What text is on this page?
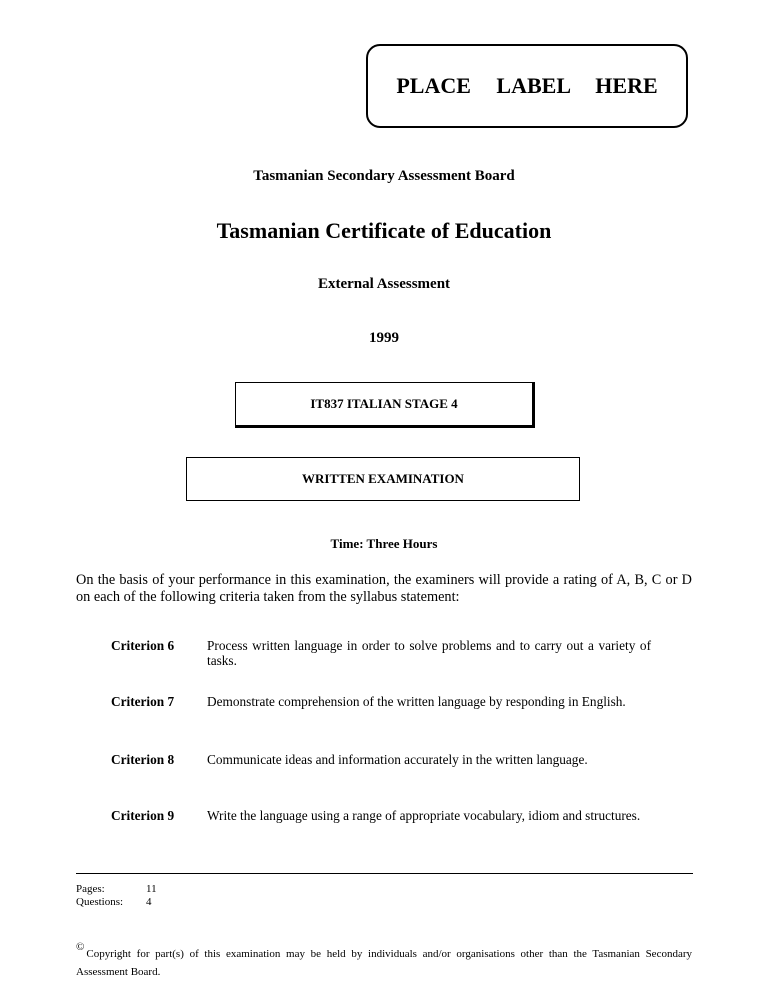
PLACE LABEL HERE
Tasmanian Secondary Assessment Board
Tasmanian Certificate of Education
External Assessment
1999
IT837 ITALIAN STAGE 4
WRITTEN EXAMINATION
Time: Three Hours
On the basis of your performance in this examination, the examiners will provide a rating of A, B, C or D on each of the following criteria taken from the syllabus statement:
Criterion 6	Process written language in order to solve problems and to carry out a variety of tasks.
Criterion 7	Demonstrate comprehension of the written language by responding in English.
Criterion 8	Communicate ideas and information accurately in the written language.
Criterion 9	Write the language using a range of appropriate vocabulary, idiom and structures.
Pages:	11
Questions: 4
©Copyright for part(s) of this examination may be held by individuals and/or organisations other than the Tasmanian Secondary Assessment Board.
